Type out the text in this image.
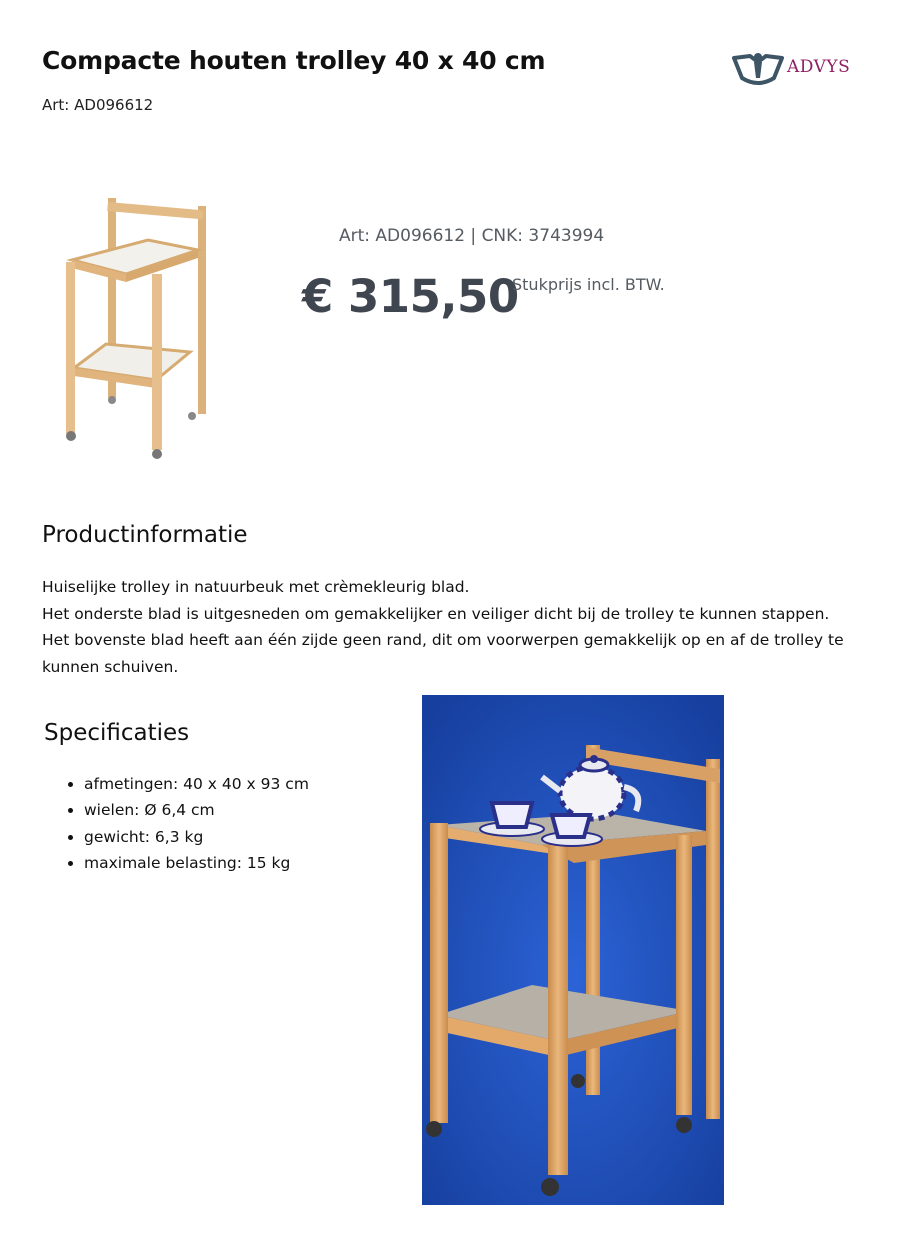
Compacte houten trolley 40 x 40 cm
Art: AD096612
ADVYS
Art: AD096612 | CNK: 3743994
€ 315,50
Stukprijs incl. BTW.
Productinformatie

Huiselijke trolley in natuurbeuk met crèmekleurig blad.

Het onderste blad is uitgesneden om gemakkelijker en veiliger dicht bij de trolley te kunnen stappen.

Het bovenste blad heeft aan één zijde geen rand, dit om voorwerpen gemakkelijk op en af de trolley te kunnen schuiven.

Specificaties
• afmetingen: 40 x 40 x 93 cm
• wielen: Ø 6,4 cm
• gewicht: 6,3 kg
• maximale belasting: 15 kg
